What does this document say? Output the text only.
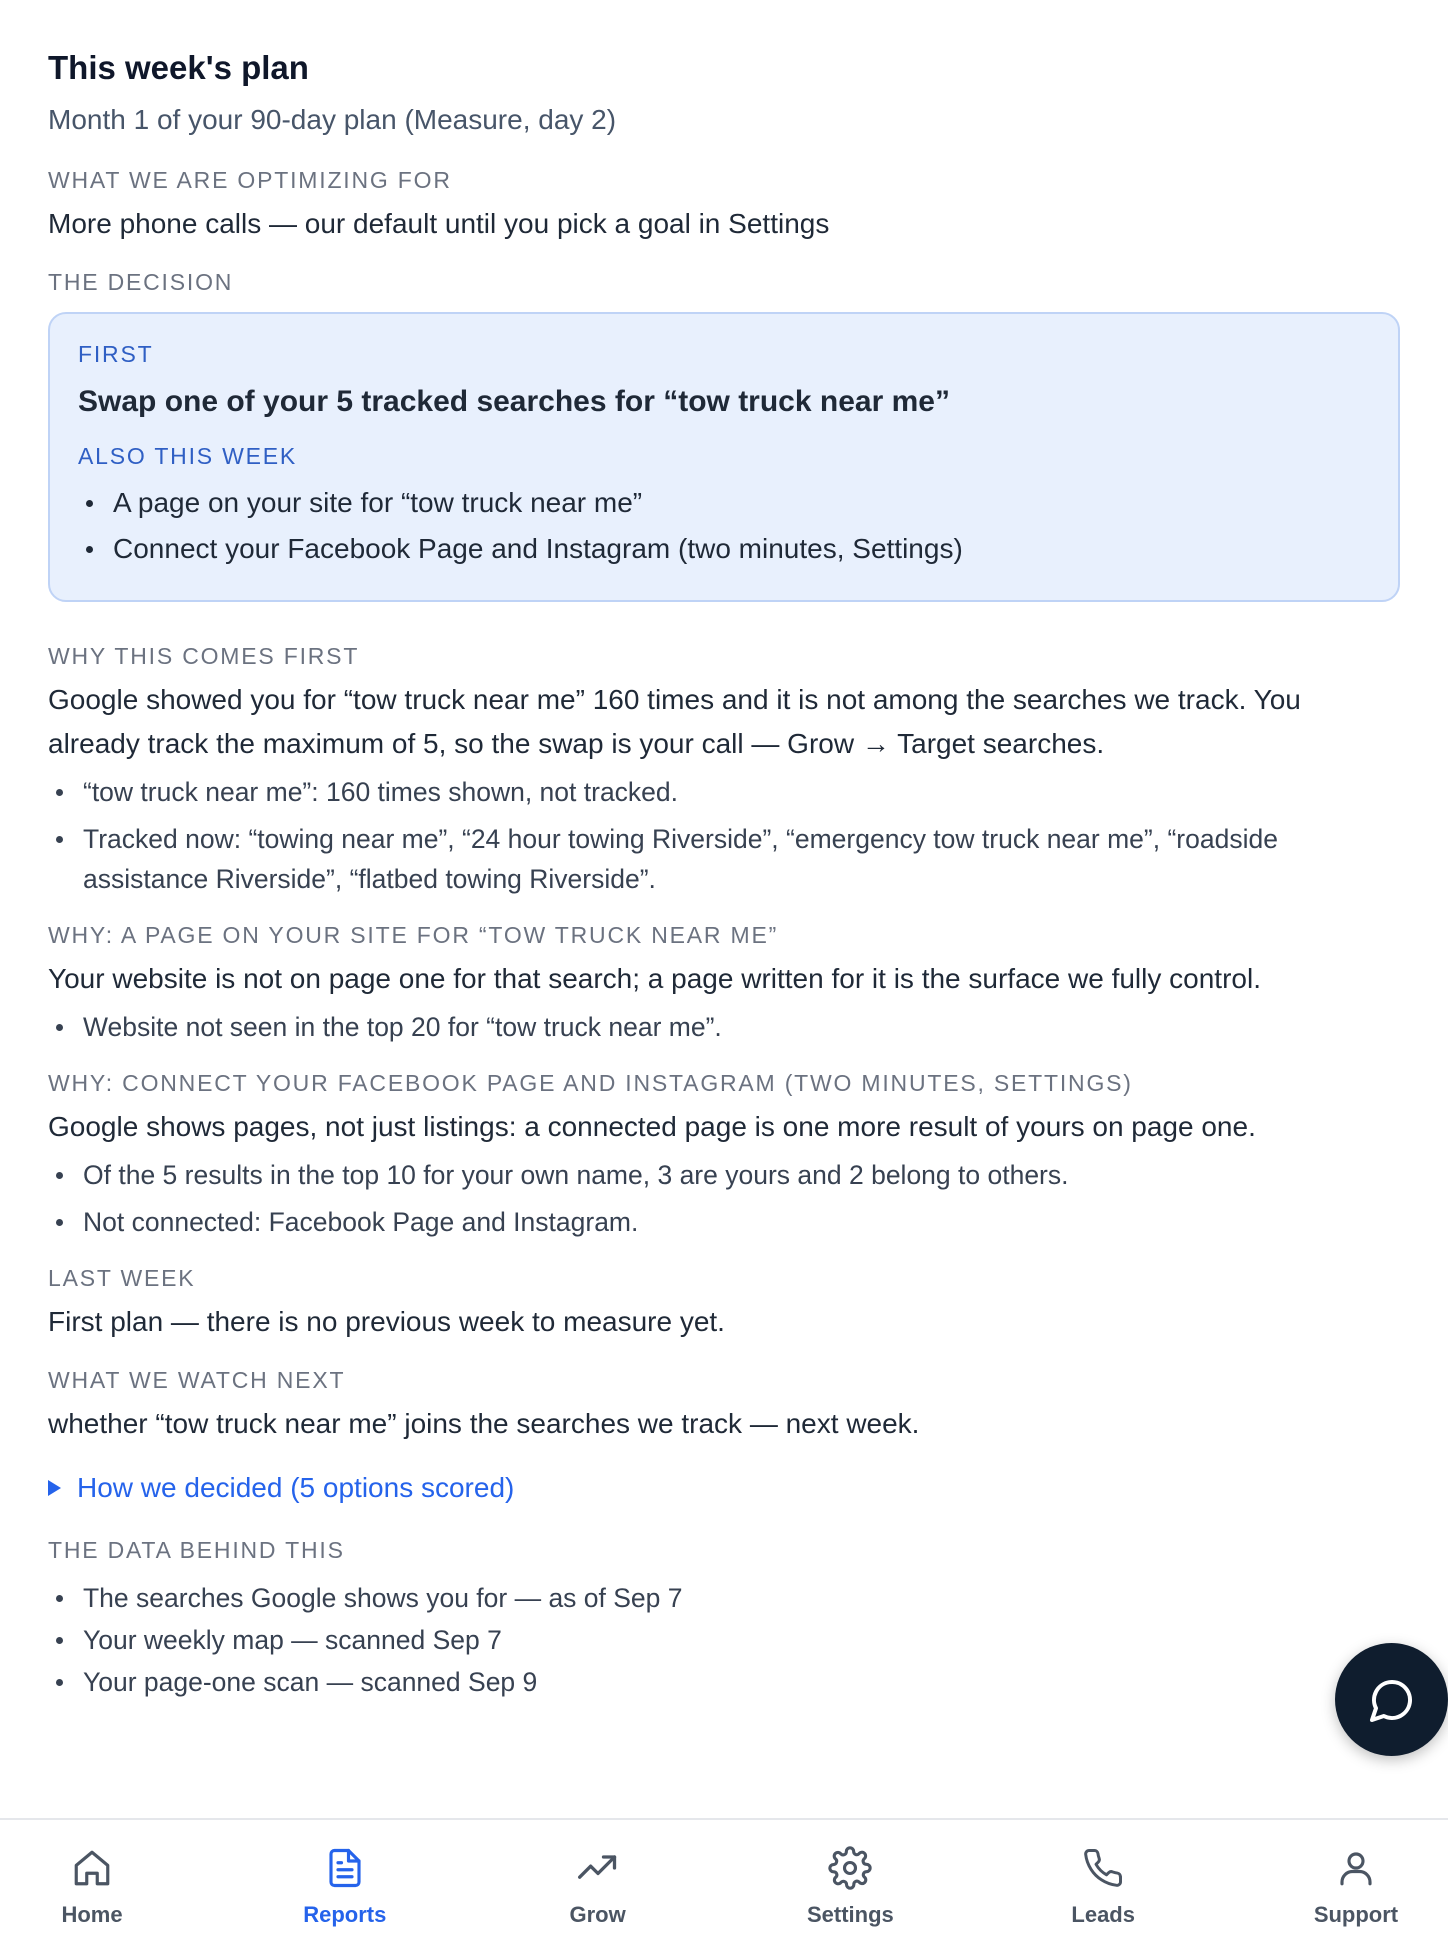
This week's plan
Month 1 of your 90-day plan (Measure, day 2)
WHAT WE ARE OPTIMIZING FOR
More phone calls — our default until you pick a goal in Settings
THE DECISION
FIRST
Swap one of your 5 tracked searches for “tow truck near me”
ALSO THIS WEEK
A page on your site for “tow truck near me”
Connect your Facebook Page and Instagram (two minutes, Settings)
WHY THIS COMES FIRST
Google showed you for “tow truck near me” 160 times and it is not among the searches we track. You already track the maximum of 5, so the swap is your call — Grow → Target searches.
“tow truck near me”: 160 times shown, not tracked.
Tracked now: “towing near me”, “24 hour towing Riverside”, “emergency tow truck near me”, “roadside assistance Riverside”, “flatbed towing Riverside”.
WHY: A PAGE ON YOUR SITE FOR “TOW TRUCK NEAR ME”
Your website is not on page one for that search; a page written for it is the surface we fully control.
Website not seen in the top 20 for “tow truck near me”.
WHY: CONNECT YOUR FACEBOOK PAGE AND INSTAGRAM (TWO MINUTES, SETTINGS)
Google shows pages, not just listings: a connected page is one more result of yours on page one.
Of the 5 results in the top 10 for your own name, 3 are yours and 2 belong to others.
Not connected: Facebook Page and Instagram.
LAST WEEK
First plan — there is no previous week to measure yet.
WHAT WE WATCH NEXT
whether “tow truck near me” joins the searches we track — next week.
How we decided (5 options scored)
THE DATA BEHIND THIS
The searches Google shows you for — as of Sep 7
Your weekly map — scanned Sep 7
Your page-one scan — scanned Sep 9
Home	Reports	Grow	Settings	Leads	Support
